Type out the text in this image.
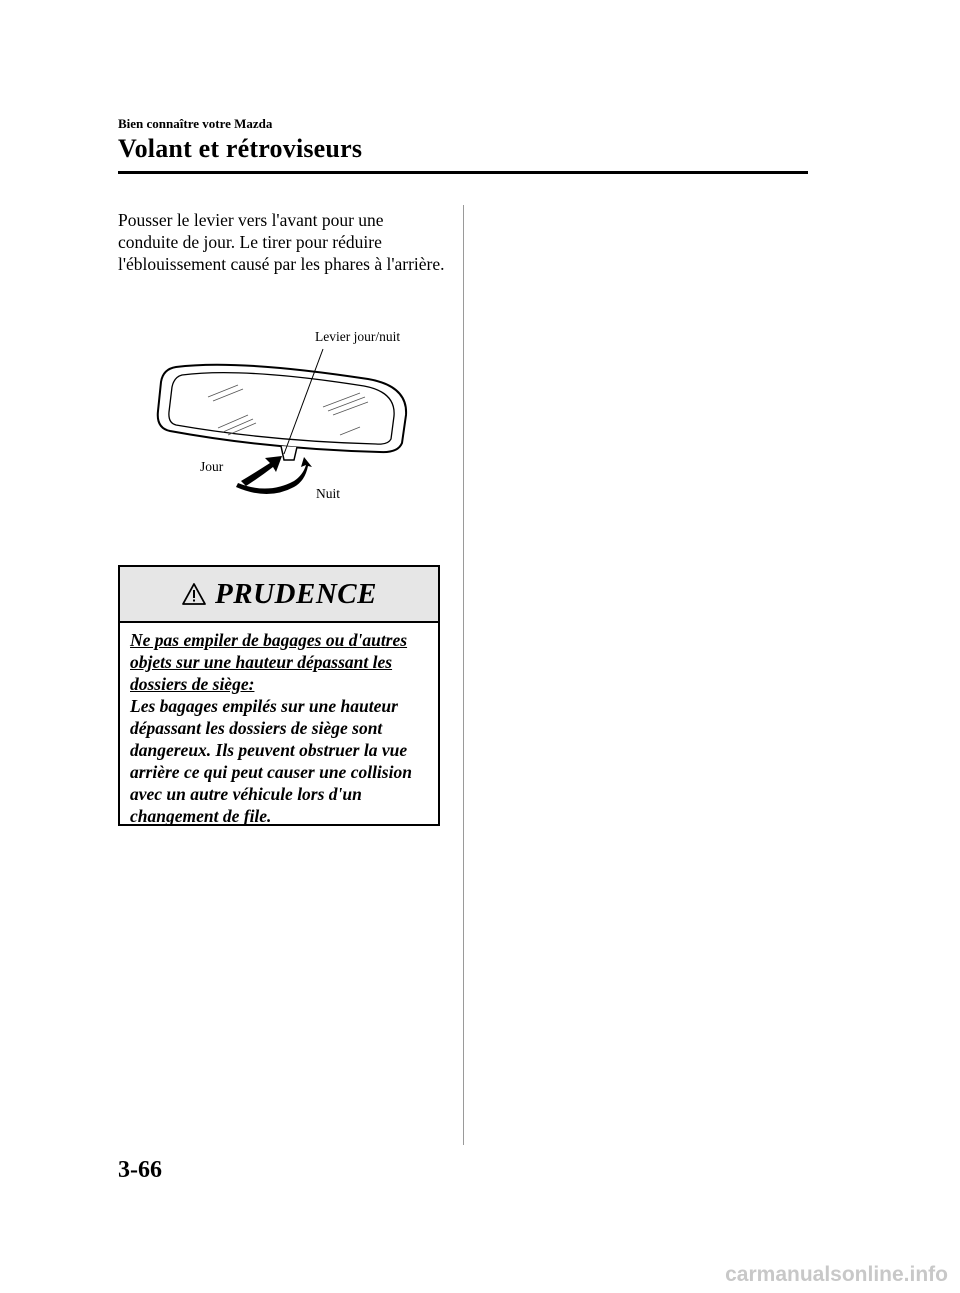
Bien connaître votre Mazda
Volant et rétroviseurs

Pousser le levier vers l'avant pour une conduite de jour. Le tirer pour réduire l'éblouissement causé par les phares à l'arrière.

Levier jour/nuit
Jour
Nuit
PRUDENCE

Ne pas empiler de bagages ou d'autres objets sur une hauteur dépassant les dossiers de siège:

Les bagages empilés sur une hauteur dépassant les dossiers de siège sont dangereux. Ils peuvent obstruer la vue arrière ce qui peut causer une collision avec un autre véhicule lors d'un changement de file.

3-66
carmanualsonline.info
